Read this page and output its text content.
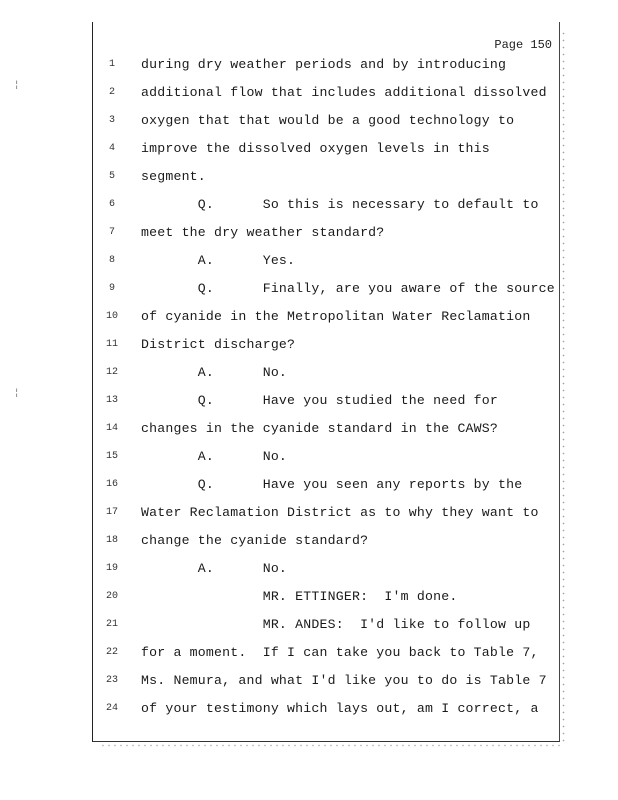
¦
¦
Page 150
1	during dry weather periods and by introducing
2	additional flow that includes additional dissolved
3	oxygen that that would be a good technology to
4	improve the dissolved oxygen levels in this
5	segment.
6	Q.      So this is necessary to default to
7	meet the dry weather standard?
8	A.      Yes.
9	Q.      Finally, are you aware of the source
10 of cyanide in the Metropolitan Water Reclamation
11 District discharge?
12 A.      No.
13 Q.      Have you studied the need for
14 changes in the cyanide standard in the CAWS?
15 A.      No.
16 Q.      Have you seen any reports by the
17 Water Reclamation District as to why they want to
18 change the cyanide standard?
19 A.      No.
20 MR. ETTINGER:  I'm done.
21 MR. ANDES:  I'd like to follow up
22 for a moment.  If I can take you back to Table 7,
23 Ms. Nemura, and what I'd like you to do is Table 7
24 of your testimony which lays out, am I correct, a
